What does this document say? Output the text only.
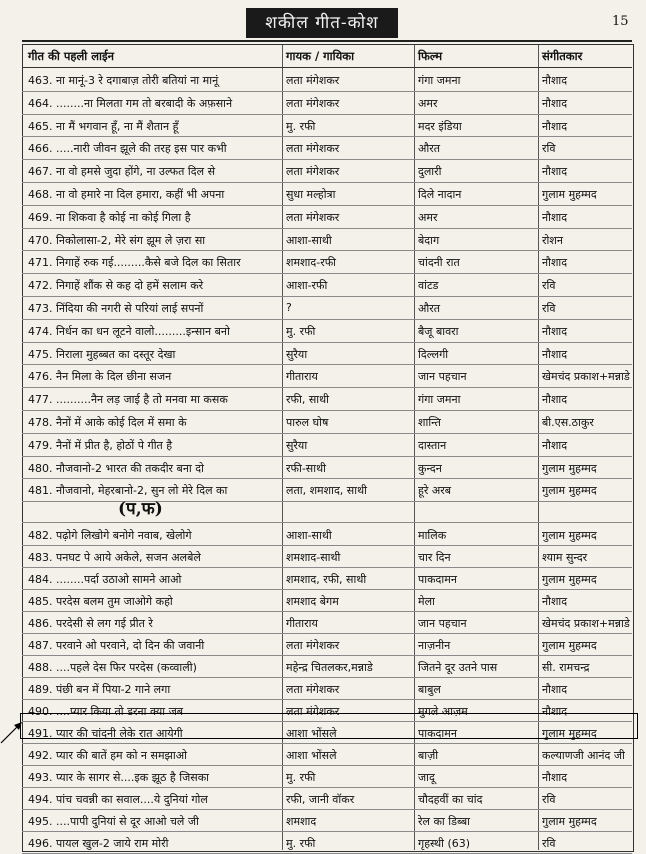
शकील गीत-कोश	15
गीत की पहली लाईन	गायक / गायिका	फिल्म	संगीतकार
463. ना मानूं-3 रे दगाबाज़ तोरी बतियां ना मानूं	लता मंगेशकर	गंगा जमना	नौशाद
464. ........ना मिलता गम तो बरबादी के अफ़साने	लता मंगेशकर	अमर	नौशाद
465. ना मैं भगवान हूँ, ना मैं शैतान हूँ	मु. रफी	मदर इंडिया	नौशाद
466. .....नारी जीवन झूले की तरह इस पार कभी	लता मंगेशकर	औरत	रवि
467. ना वो हमसे जुदा होंगे, ना उल्फत दिल से	लता मंगेशकर	दुलारी	नौशाद
468. ना वो हमारे ना दिल हमारा, कहीं भी अपना	सुधा मल्होत्रा	दिले नादान	गुलाम मुहम्मद
469. ना शिकवा है कोई ना कोई गिला है	लता मंगेशकर	अमर	नौशाद
470. निकोलासा-2, मेरे संग झूम ले ज़रा सा	आशा-साथी	बेदाग	रोशन
471. निगाहें रुक गई.........कैसे बजे दिल का सितार	शमशाद-रफी	चांदनी रात	नौशाद
472. निगाहें शौंक से कह दो हमें सलाम करे	आशा-रफी	वांटड	रवि
473. निंदिया की नगरी से परियां लाई सपनों	?	औरत	रवि
474. निर्धन का धन लूटने वालो.........इन्सान बनो	मु. रफी	बैजू बावरा	नौशाद
475. निराला मुहब्बत का दस्तूर देखा	सुरैया	दिल्लगी	नौशाद
476. नैन मिला के दिल छीना सजन	गीताराय	जान पहचान	खेमचंद प्रकाश+मन्नाडे
477. ..........नैन लड़ जाई है तो मनवा मा कसक	रफी, साथी	गंगा जमना	नौशाद
478. नैनों में आके कोई दिल में समा के	पारुल घोष	शान्ति	बी.एस.ठाकुर
479. नैनों में प्रीत है, होठों पे गीत है	सुरैया	दास्तान	नौशाद
480. नौजवानो-2 भारत की तकदीर बना दो	रफी-साथी	कुन्दन	गुलाम मुहम्मद
481. नौजवानो, मेहरबानो-2, सुन लो मेरे दिल का	लता, शमशाद, साथी	हूरे अरब	गुलाम मुहम्मद
482. पढ़ोगे लिखोगे बनोगे नवाब, खेलोगे	आशा-साथी	मालिक	गुलाम मुहम्मद
483. पनघट पे आये अकेले, सजन अलबेले	शमशाद-साथी	चार दिन	श्याम सुन्दर
484. ........पर्दा उठाओ सामने आओ	शमशाद, रफी, साथी	पाकदामन	गुलाम मुहम्मद
485. परदेस बलम तुम जाओगे कहो	शमशाद बेगम	मेला	नौशाद
486. परदेसी से लग गई प्रीत रे	गीताराय	जान पहचान	खेमचंद प्रकाश+मन्नाडे
487. परवाने ओ परवाने, दो दिन की जवानी	लता मंगेशकर	नाज़नीन	गुलाम मुहम्मद
488. ....पहले देस फिर परदेस (कव्वाली)	महेन्द्र चितलकर,मन्नाडे	जितने दूर उतने पास	सी. रामचन्द्र
489. पंछी बन में पिया-2 गाने लगा	लता मंगेशकर	बाबुल	नौशाद
490. ....प्यार किया तो डरना क्या जब	लता मंगेशकर	मुगले आज़म	नौशाद
491. प्यार की चांदनी लेके रात आयेगी	आशा भोंसले	पाकदामन	गुलाम मुहम्मद
492. प्यार की बातें हम को न समझाओ	आशा भोंसले	बाज़ी	कल्याणजी आनंद जी
493. प्यार के सागर से....इक झूठ है जिसका	मु. रफी	जादू	नौशाद
494. पांच चवन्नी का सवाल....ये दुनियां गोल	रफी, जानी वॉकर	चौदहवीं का चांद	रवि
495. ....पापी दुनियां से दूर आओ चले जी	शमशाद	रेल का डिब्बा	गुलाम मुहम्मद
496. पायल खुल-2 जाये राम मोरी	मु. रफी	गृहस्थी (63)	रवि
(प,फ)
